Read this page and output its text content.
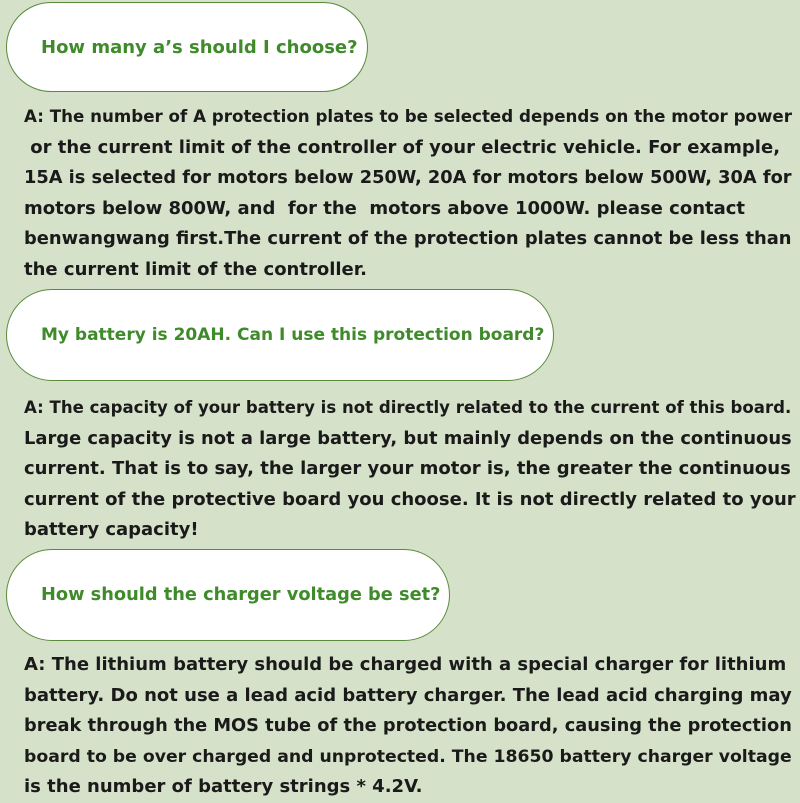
How many a’s should I choose?
A: The number of A protection plates to be selected depends on the motor power
or the current limit of the controller of your electric vehicle. For example,
15A is selected for motors below 250W, 20A for motors below 500W, 30A for
motors below 800W, and  for the  motors above 1000W. please contact
benwangwang first.The current of the protection plates cannot be less than
the current limit of the controller.
My battery is 20AH. Can I use this protection board?
A: The capacity of your battery is not directly related to the current of this board.
Large capacity is not a large battery, but mainly depends on the continuous
current. That is to say, the larger your motor is, the greater the continuous
current of the protective board you choose. It is not directly related to your
battery capacity!
How should the charger voltage be set?
A: The lithium battery should be charged with a special charger for lithium
battery. Do not use a lead acid battery charger. The lead acid charging may
break through the MOS tube of the protection board, causing the protection
board to be over charged and unprotected. The 18650 battery charger voltage
is the number of battery strings * 4.2V.
